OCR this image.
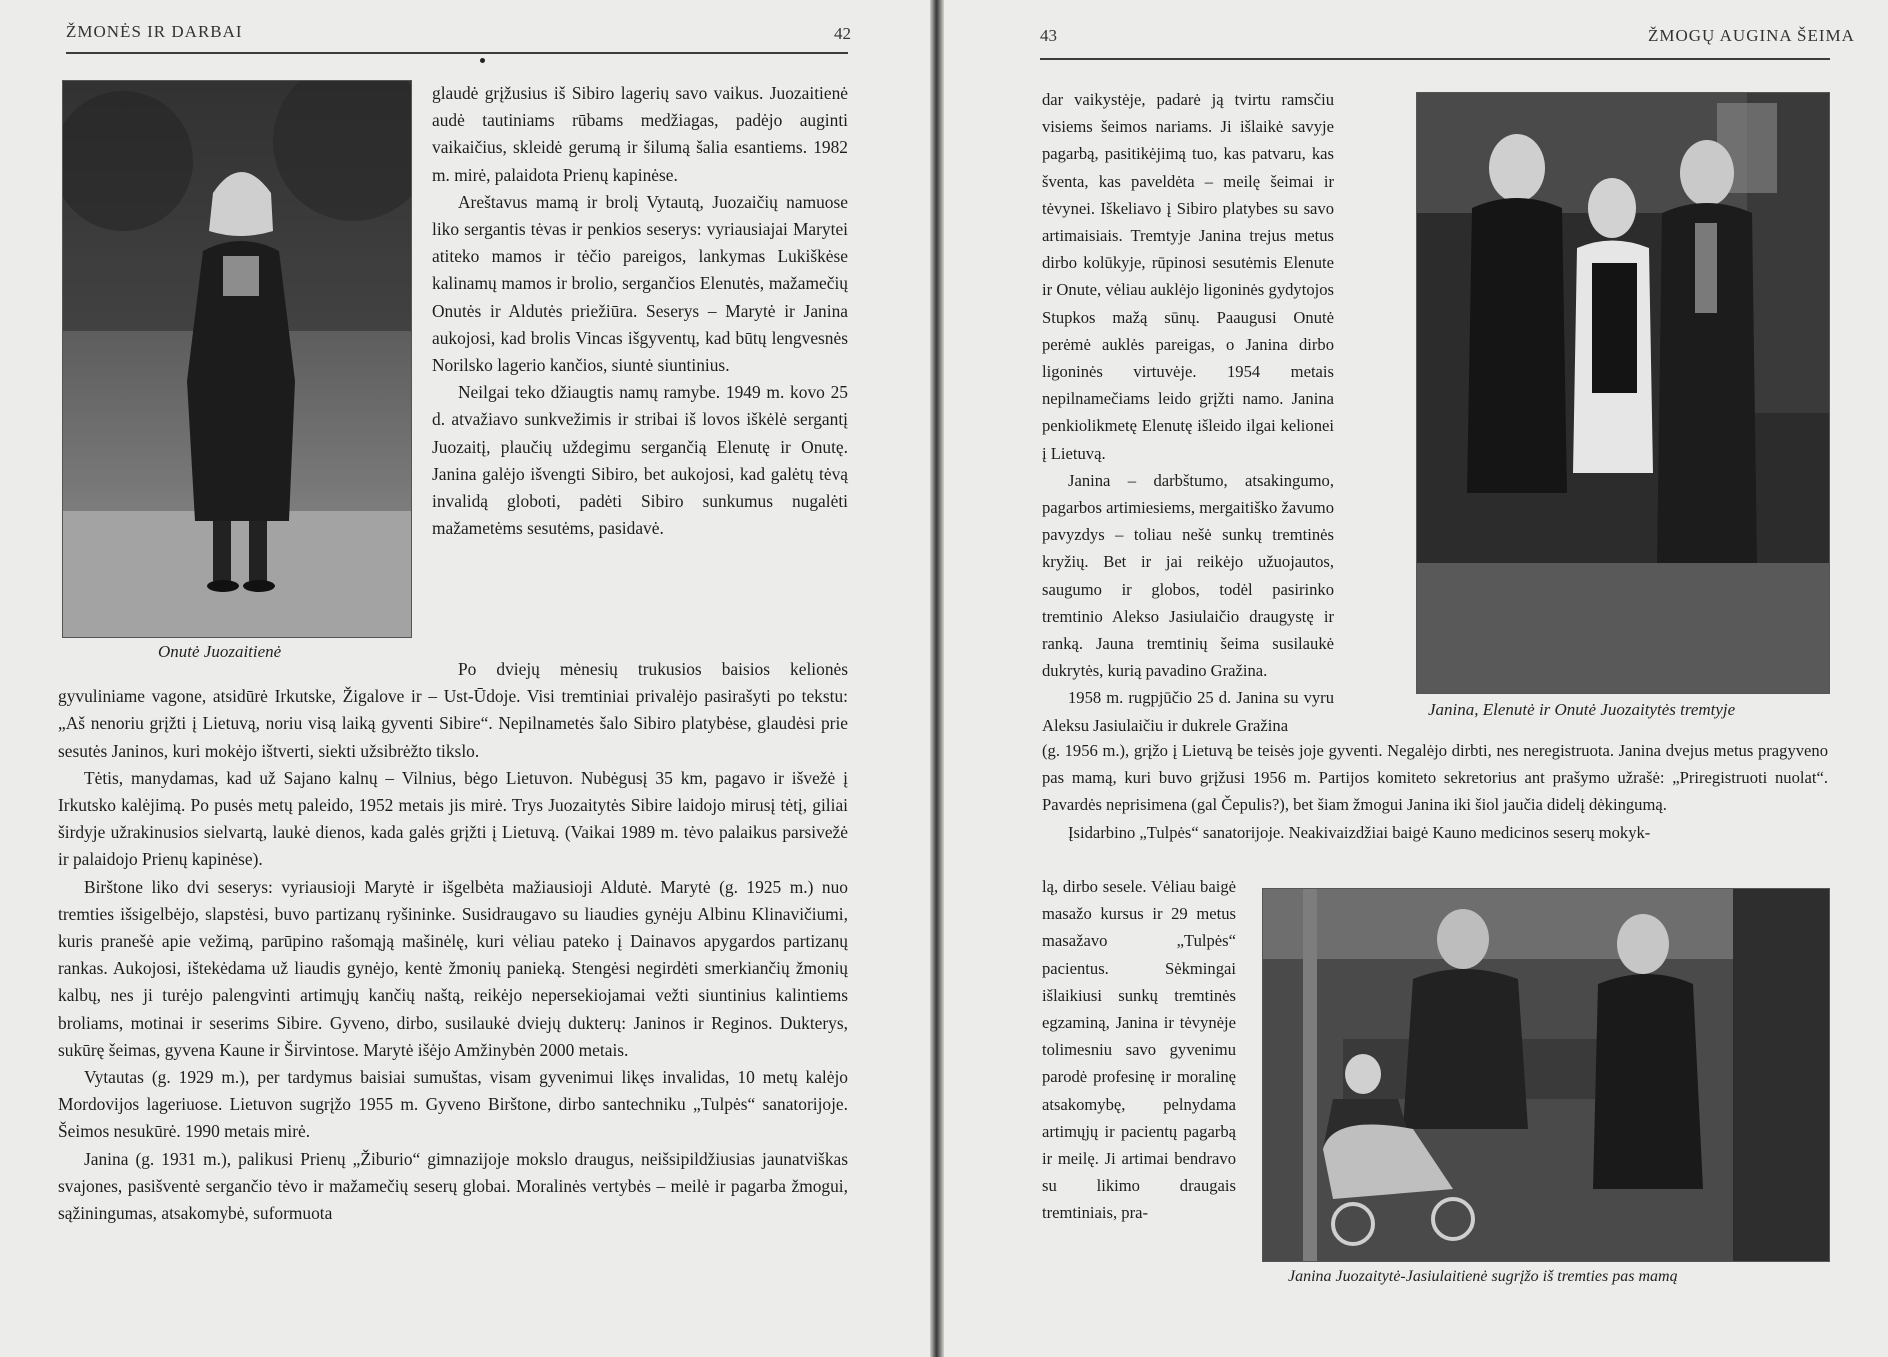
ŽMONĖS IR DARBAI	42
Onutė Juozaitienė

glaudė grįžusius iš Sibiro lagerių savo vaikus. Juozaitienė audė tautiniams rūbams medžiagas, padėjo auginti vaikaičius, skleidė gerumą ir šilumą šalia esantiems. 1982 m. mirė, palaidota Prienų kapinėse.

Areštavus mamą ir brolį Vytautą, Juozaičių namuose liko sergantis tėvas ir penkios seserys: vyriausiajai Marytei atiteko mamos ir tėčio pareigos, lankymas Lukiškėse kalinamų mamos ir brolio, sergančios Elenutės, mažamečių Onutės ir Aldutės priežiūra. Seserys – Marytė ir Janina aukojosi, kad brolis Vincas išgyventų, kad būtų lengvesnės Norilsko lagerio kančios, siuntė siuntinius.

Neilgai teko džiaugtis namų ramybe. 1949 m. kovo 25 d. atvažiavo sunkvežimis ir stribai iš lovos iškėlė sergantį Juozaitį, plaučių uždegimu sergančią Elenutę ir Onutę. Janina galėjo išvengti Sibiro, bet aukojosi, kad galėtų tėvą invalidą globoti, padėti Sibiro sunkumus nugalėti mažametėms sesutėms, pasidavė.

Po dviejų mėnesių trukusios baisios kelionės gyvuliniame vagone, atsidūrė Irkutske, Žigalove ir – Ust-Ūdoje. Visi tremtiniai privalėjo pasirašyti po tekstu: „Aš nenoriu grįžti į Lietuvą, noriu visą laiką gyventi Sibire“. Nepilnametės šalo Sibiro platybėse, glaudėsi prie sesutės Janinos, kuri mokėjo ištverti, siekti užsibrėžto tikslo.

Tėtis, manydamas, kad už Sajano kalnų – Vilnius, bėgo Lietuvon. Nubėgusį 35 km, pagavo ir išvežė į Irkutsko kalėjimą. Po pusės metų paleido, 1952 metais jis mirė. Trys Juozaitytės Sibire laidojo mirusį tėtį, giliai širdyje užrakinusios sielvartą, laukė dienos, kada galės grįžti į Lietuvą. (Vaikai 1989 m. tėvo palaikus parsivežė ir palaidojo Prienų kapinėse).

Birštone liko dvi seserys: vyriausioji Marytė ir išgelbėta mažiausioji Aldutė. Marytė (g. 1925 m.) nuo tremties išsigelbėjo, slapstėsi, buvo partizanų ryšininke. Susidraugavo su liaudies gynėju Albinu Klinavičiumi, kuris pranešė apie vežimą, parūpino rašomąją mašinėlę, kuri vėliau pateko į Dainavos apygardos partizanų rankas. Aukojosi, ištekėdama už liaudis gynėjo, kentė žmonių panieką. Stengėsi negirdėti smerkiančių žmonių kalbų, nes ji turėjo palengvinti artimųjų kančių naštą, reikėjo nepersekiojamai vežti siuntinius kalintiems broliams, motinai ir seserims Sibire. Gyveno, dirbo, susilaukė dviejų dukterų: Janinos ir Reginos. Dukterys, sukūrę šeimas, gyvena Kaune ir Širvintose. Marytė išėjo Amžinybėn 2000 metais.

Vytautas (g. 1929 m.), per tardymus baisiai sumuštas, visam gyvenimui likęs invalidas, 10 metų kalėjo Mordovijos lageriuose. Lietuvon sugrįžo 1955 m. Gyveno Birštone, dirbo santechniku „Tulpės“ sanatorijoje. Šeimos nesukūrė. 1990 metais mirė.

Janina (g. 1931 m.), palikusi Prienų „Žiburio“ gimnazijoje mokslo draugus, neišsipildžiusias jaunatviškas svajones, pasišventė sergančio tėvo ir mažamečių seserų globai. Moralinės vertybės – meilė ir pagarba žmogui, sąžiningumas, atsakomybė, suformuota

43	ŽMOGŲ AUGINA ŠEIMA

dar vaikystėje, padarė ją tvirtu ramsčiu visiems šeimos nariams. Ji išlaikė savyje pagarbą, pasitikėjimą tuo, kas patvaru, kas šventa, kas paveldėta – meilę šeimai ir tėvynei. Iškeliavo į Sibiro platybes su savo artimaisiais. Tremtyje Janina trejus metus dirbo kolūkyje, rūpinosi sesutėmis Elenute ir Onute, vėliau auklėjo ligoninės gydytojos Stupkos mažą sūnų. Paaugusi Onutė perėmė auklės pareigas, o Janina dirbo ligoninės virtuvėje. 1954 metais nepilnamečiams leido grįžti namo. Janina penkiolikmetę Elenutę išleido ilgai kelionei į Lietuvą.

Janina – darbštumo, atsakingumo, pagarbos artimiesiems, mergaitiško žavumo pavyzdys – toliau nešė sunkų tremtinės kryžių. Bet ir jai reikėjo užuojautos, saugumo ir globos, todėl pasirinko tremtinio Alekso Jasiulaičio draugystę ir ranką. Jauna tremtinių šeima susilaukė dukrytės, kurią pavadino Gražina.

1958 m. rugpjūčio 25 d. Janina su vyru Aleksu Jasiulaičiu ir dukrele Gražina

Janina, Elenutė ir Onutė Juozaitytės tremtyje

(g. 1956 m.), grįžo į Lietuvą be teisės joje gyventi. Negalėjo dirbti, nes neregistruota. Janina dvejus metus pragyveno pas mamą, kuri buvo grįžusi 1956 m. Partijos komiteto sekretorius ant prašymo užrašė: „Priregistruoti nuolat“. Pavardės neprisimena (gal Čepulis?), bet šiam žmogui Janina iki šiol jaučia didelį dėkingumą.

Įsidarbino „Tulpės“ sanatorijoje. Neakivaizdžiai baigė Kauno medicinos seserų mokyk-

lą, dirbo sesele. Vėliau baigė masažo kursus ir 29 metus masažavo „Tulpės“ pacientus. Sėkmingai išlaikiusi sunkų tremtinės egzaminą, Janina ir tėvynėje tolimesniu savo gyvenimu parodė profesinę ir moralinę atsakomybę, pelnydama artimųjų ir pacientų pagarbą ir meilę. Ji artimai bendravo su likimo draugais tremtiniais, pra-

Janina Juozaitytė-Jasiulaitienė sugrįžo iš tremties pas mamą
